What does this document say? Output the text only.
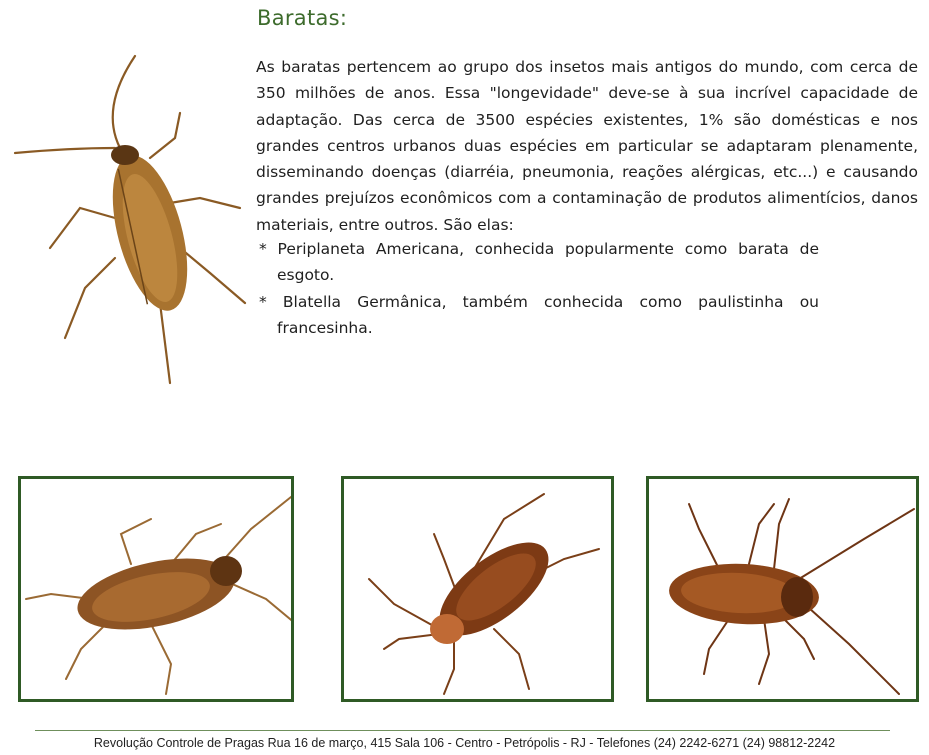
Baratas:

As baratas pertencem ao grupo dos insetos mais antigos do mundo, com cerca de 350 milhões de anos. Essa "longevidade" deve-se à sua incrível capacidade de adaptação. Das cerca de 3500 espécies existentes, 1% são domésticas e nos grandes centros urbanos duas espécies em particular se adaptaram plenamente, disseminando doenças (diarréia, pneumonia, reações alérgicas, etc...) e causando grandes prejuízos econômicos com a contaminação de produtos alimentícios, danos materiais, entre outros. São elas:

* Periplaneta Americana, conhecida popularmente como barata de esgoto.

* Blatella Germânica, também conhecida como paulistinha ou francesinha.

Revolução Controle de Pragas Rua 16 de março, 415 Sala 106 - Centro - Petrópolis - RJ - Telefones (24) 2242-6271 (24) 98812-2242
